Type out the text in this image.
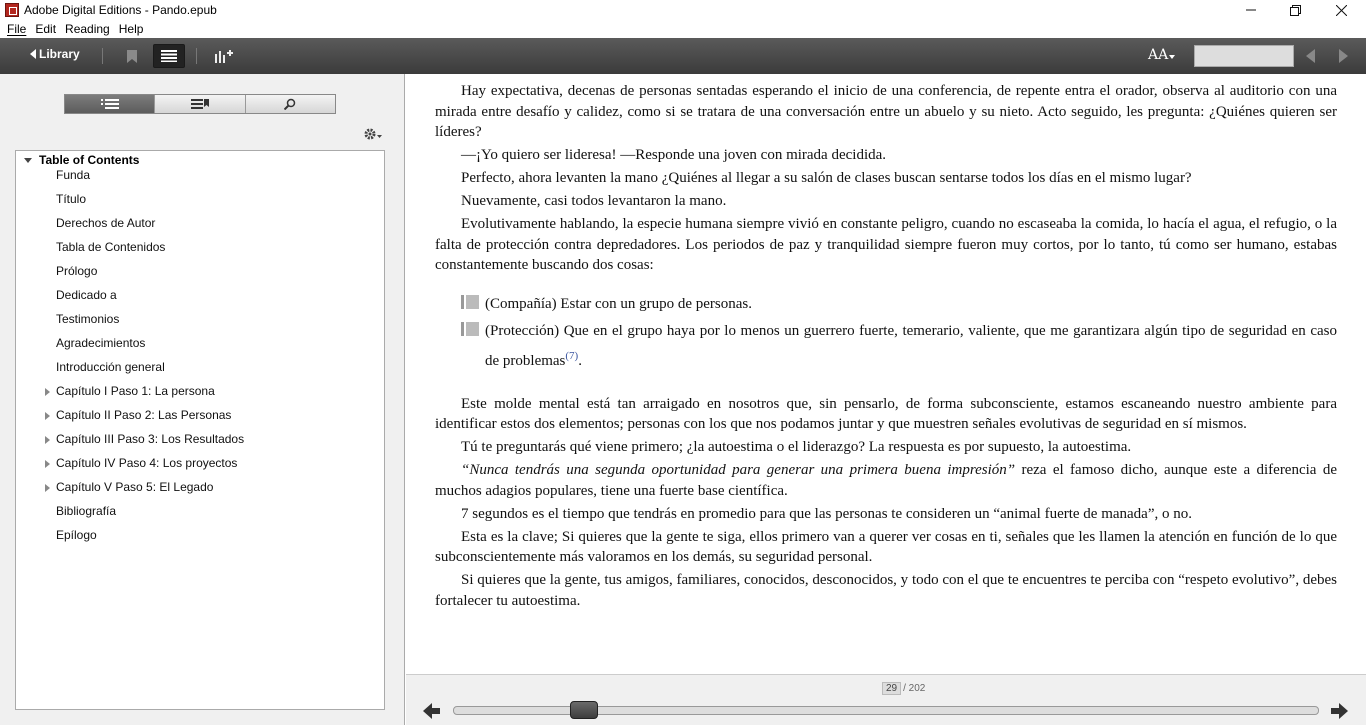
Adobe Digital Editions - Pando.epub
File Edit Reading Help
Library	AA
Table of Contents
Funda
Título
Derechos de Autor
Tabla de Contenidos
Prólogo
Dedicado a
Testimonios
Agradecimientos
Introducción general
Capítulo I Paso 1: La persona
Capítulo II Paso 2: Las Personas
Capítulo III Paso 3: Los Resultados
Capítulo IV Paso 4: Los proyectos
Capítulo V Paso 5: El Legado
Bibliografía
Epílogo

Hay expectativa, decenas de personas sentadas esperando el inicio de una conferencia, de repente entra el orador, observa al auditorio con una mirada entre desafío y calidez, como si se tratara de una conversación entre un abuelo y su nieto. Acto seguido, les pregunta: ¿Quiénes quieren ser líderes?

—¡Yo quiero ser lideresa! —Responde una joven con mirada decidida.

Perfecto, ahora levanten la mano ¿Quiénes al llegar a su salón de clases buscan sentarse todos los días en el mismo lugar?

Nuevamente, casi todos levantaron la mano.

Evolutivamente hablando, la especie humana siempre vivió en constante peligro, cuando no escaseaba la comida, lo hacía el agua, el refugio, o la falta de protección contra depredadores. Los periodos de paz y tranquilidad siempre fueron muy cortos, por lo tanto, tú como ser humano, estabas constantemente buscando dos cosas:

(Compañía) Estar con un grupo de personas.
(Protección) Que en el grupo haya por lo menos un guerrero fuerte, temerario, valiente, que me garantizara algún tipo de seguridad en caso de problemas$^{(7)}$.

Este molde mental está tan arraigado en nosotros que, sin pensarlo, de forma subconsciente, estamos escaneando nuestro ambiente para identificar estos dos elementos; personas con los que nos podamos juntar y que muestren señales evolutivas de seguridad en sí mismos.

Tú te preguntarás qué viene primero; ¿la autoestima o el liderazgo? La respuesta es por supuesto, la autoestima.

“Nunca tendrás una segunda oportunidad para generar una primera buena impresión” reza el famoso dicho, aunque este a diferencia de muchos adagios populares, tiene una fuerte base científica.

7 segundos es el tiempo que tendrás en promedio para que las personas te consideren un “animal fuerte de manada”, o no.

Esta es la clave; Si quieres que la gente te siga, ellos primero van a querer ver cosas en ti, señales que les llamen la atención en función de lo que subconscientemente más valoramos en los demás, su seguridad personal.

Si quieres que la gente, tus amigos, familiares, conocidos, desconocidos, y todo con el que te encuentres te perciba con “respeto evolutivo”, debes fortalecer tu autoestima.

29 / 202
